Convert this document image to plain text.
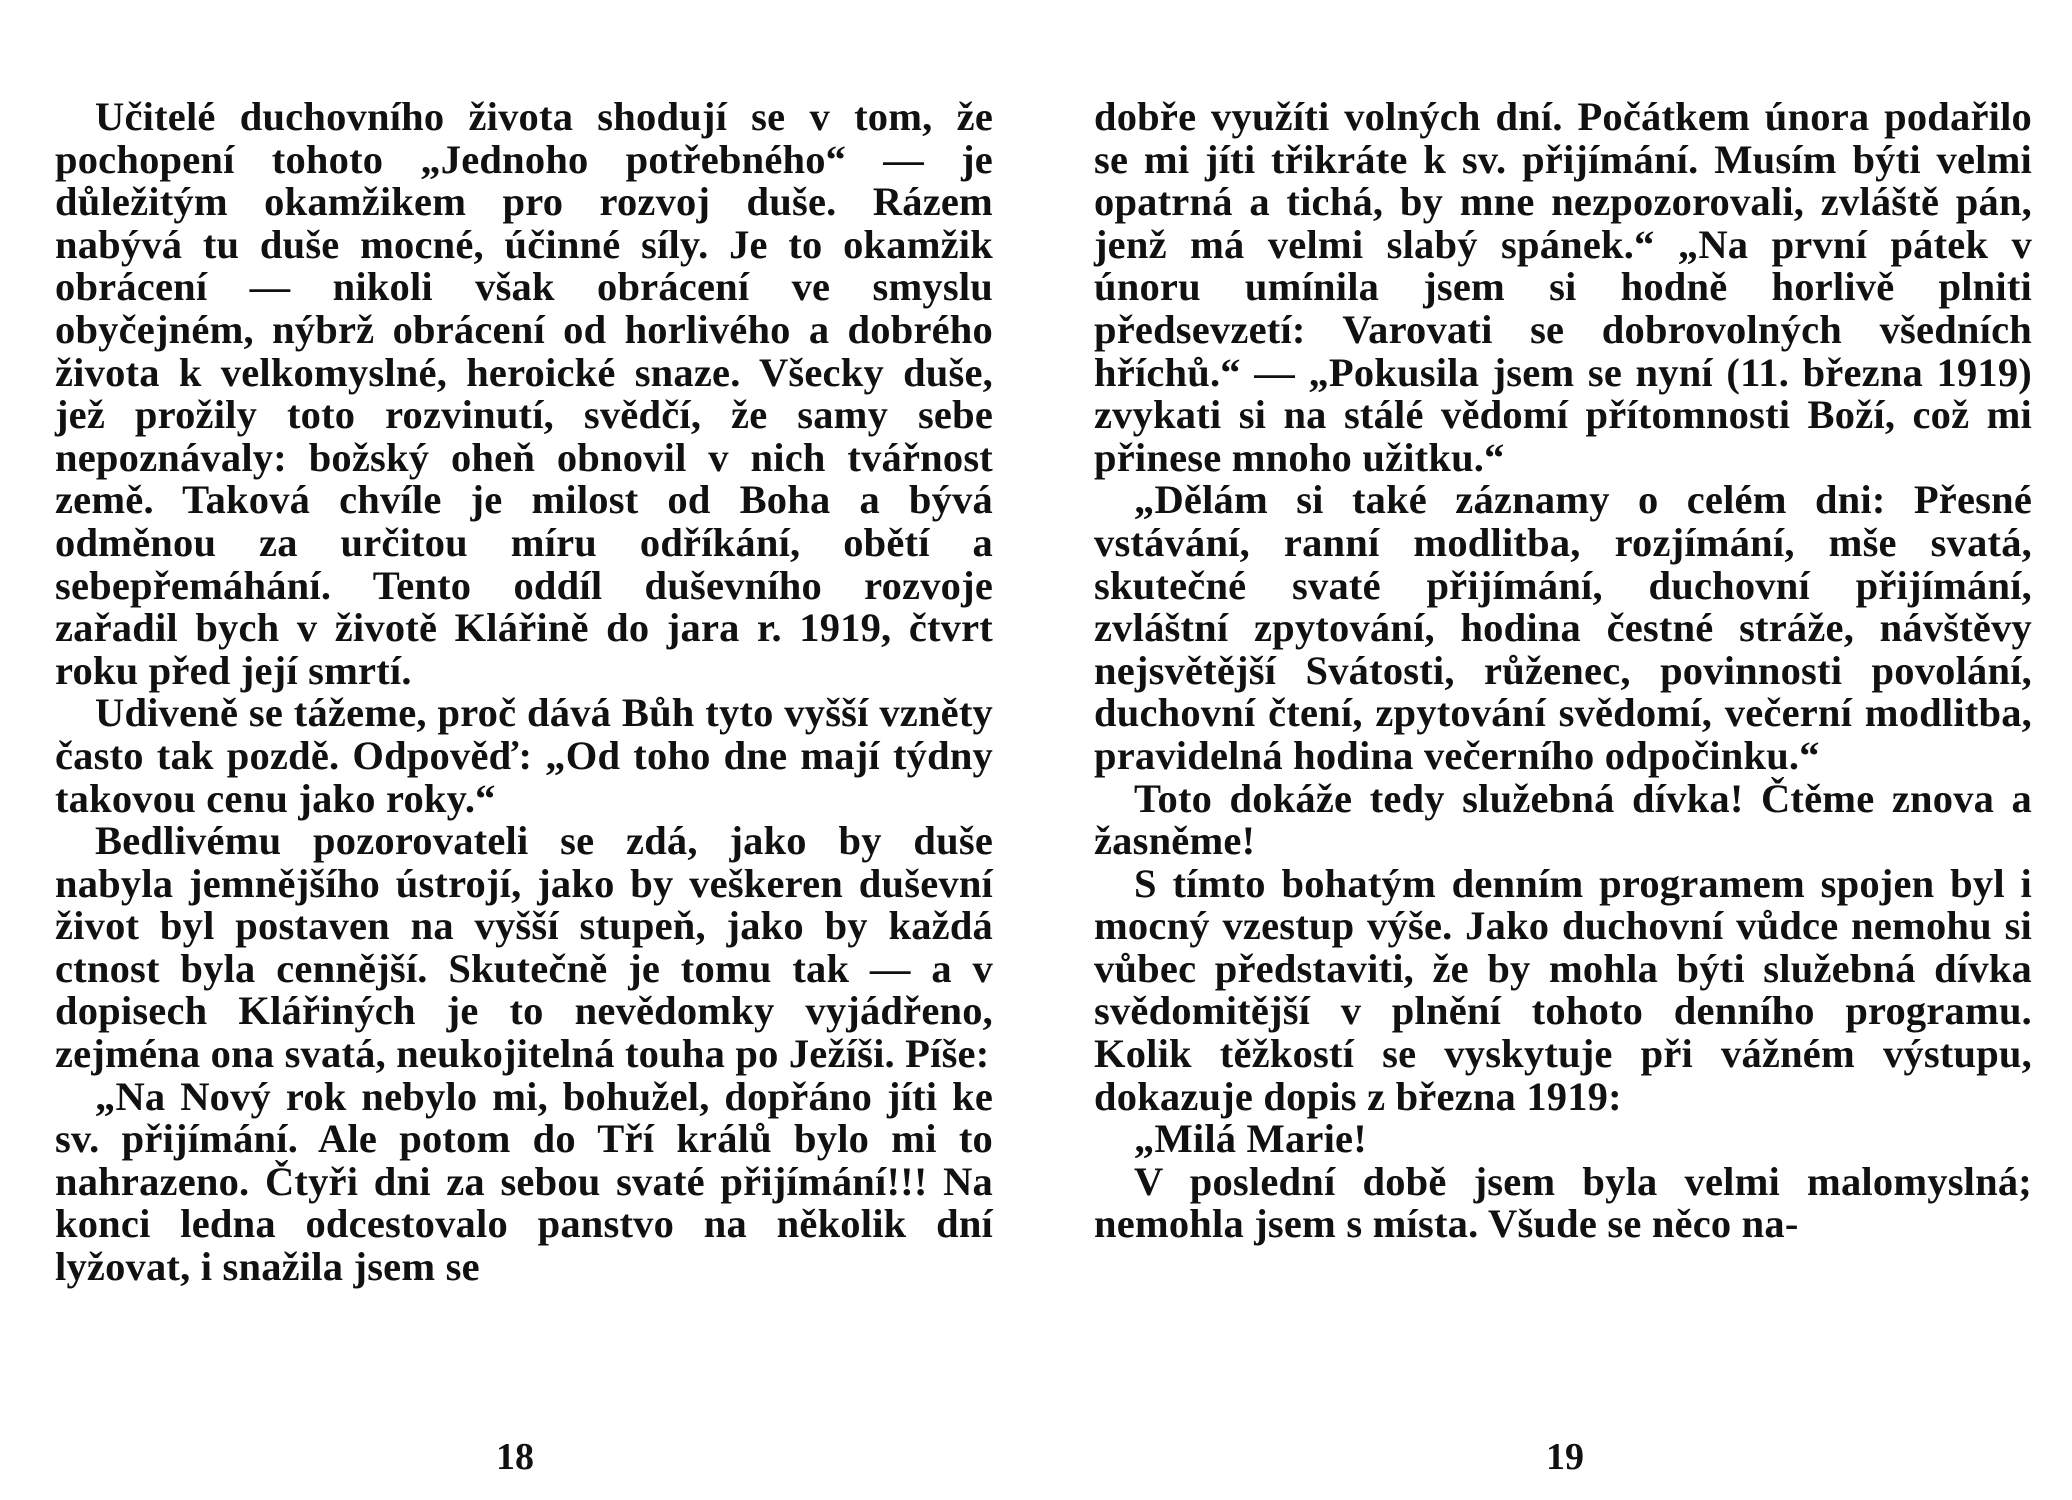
Učitelé duchovního života shodují se v tom, že pochopení tohoto „Jednoho potřebného“ — je důležitým okamžikem pro rozvoj duše. Rázem nabývá tu duše mocné, účinné síly. Je to okamžik obrácení — nikoli však obrácení ve smyslu obyčejném, nýbrž obrácení od horlivého a dobrého života k velkomyslné, heroické snaze. Všecky duše, jež prožily toto rozvinutí, svědčí, že samy sebe nepoznávaly: božský oheň obnovil v nich tvářnost země. Taková chvíle je milost od Boha a bývá odměnou za určitou míru odříkání, obětí a sebepřemáhání. Tento oddíl duševního rozvoje zařadil bych v životě Klářině do jara r. 1919, čtvrt roku před její smrtí.

Udiveně se tážeme, proč dává Bůh tyto vyšší vzněty často tak pozdě. Odpověď: „Od toho dne mají týdny takovou cenu jako roky.“

Bedlivému pozorovateli se zdá, jako by duše nabyla jemnějšího ústrojí, jako by veškeren duševní život byl postaven na vyšší stupeň, jako by každá ctnost byla cennější. Skutečně je tomu tak — a v dopisech Klářiných je to nevědomky vyjádřeno, zejména ona svatá, neukojitelná touha po Ježíši. Píše:

„Na Nový rok nebylo mi, bohužel, dopřáno jíti ke sv. přijímání. Ale potom do Tří králů bylo mi to nahrazeno. Čtyři dni za sebou svaté přijímání!!! Na konci ledna odcestovalo panstvo na několik dní lyžovat, i snažila jsem se

dobře využíti volných dní. Počátkem února podařilo se mi jíti třikráte k sv. přijímání. Musím býti velmi opatrná a tichá, by mne nezpozorovali, zvláště pán, jenž má velmi slabý spánek.“ „Na první pátek v únoru umínila jsem si hodně horlivě plniti předsevzetí: Varovati se dobrovolných všedních hříchů.“ — „Pokusila jsem se nyní (11. března 1919) zvykati si na stálé vědomí přítomnosti Boží, což mi přinese mnoho užitku.“

„Dělám si také záznamy o celém dni: Přesné vstávání, ranní modlitba, rozjímání, mše svatá, skutečné svaté přijímání, duchovní přijímání, zvláštní zpytování, hodina čestné stráže, návštěvy nejsvětější Svátosti, růženec, povinnosti povolání, duchovní čtení, zpytování svědomí, večerní modlitba, pravidelná hodina večerního odpočinku.“

Toto dokáže tedy služebná dívka! Čtěme znova a žasněme!

S tímto bohatým denním programem spojen byl i mocný vzestup výše. Jako duchovní vůdce nemohu si vůbec představiti, že by mohla býti služebná dívka svědomitější v plnění tohoto denního programu. Kolik těžkostí se vyskytuje při vážném výstupu, dokazuje dopis z března 1919:

„Milá Marie!

V poslední době jsem byla velmi malomyslná; nemohla jsem s místa. Všude se něco na-

18	19
